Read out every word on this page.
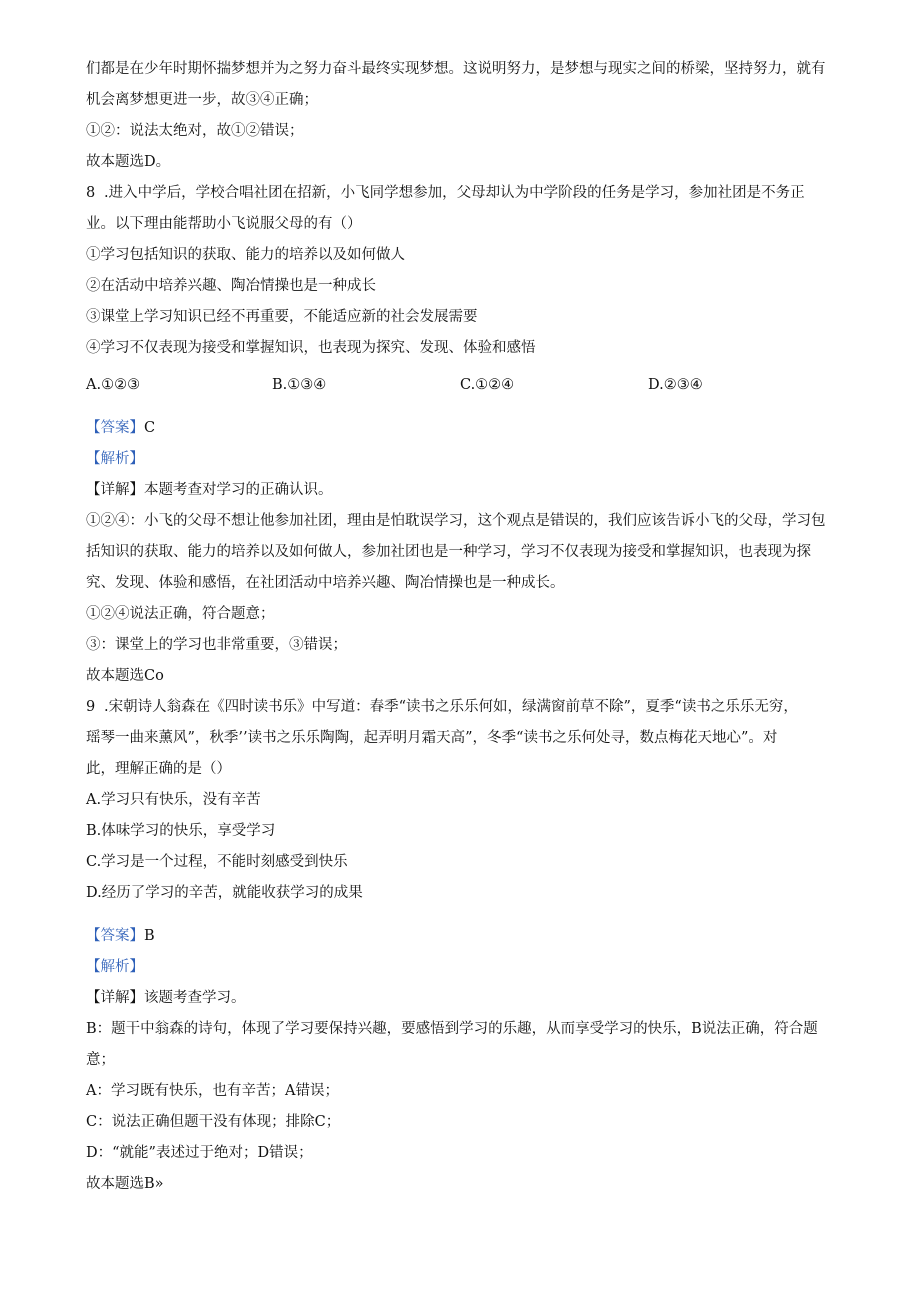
们都是在少年时期怀揣梦想并为之努力奋斗最终实现梦想。这说明努力，是梦想与现实之间的桥梁，坚持努力，就有

机会离梦想更进一步，故③④正确；

①②：说法太绝对，故①②错误；

故本题选D。

8 .进入中学后，学校合唱社团在招新，小飞同学想参加，父母却认为中学阶段的任务是学习，参加社团是不务正

业。以下理由能帮助小飞说服父母的有（）

①学习包括知识的获取、能力的培养以及如何做人

②在活动中培养兴趣、陶冶情操也是一种成长

③课堂上学习知识已经不再重要，不能适应新的社会发展需要

④学习不仅表现为接受和掌握知识，也表现为探究、发现、体验和感悟

A.①②③	B.①③④	C.①②④	D.②③④

【答案】C

【解析】

【详解】本题考查对学习的正确认识。

①②④：小飞的父母不想让他参加社团，理由是怕耽误学习，这个观点是错误的，我们应该告诉小飞的父母，学习包

括知识的获取、能力的培养以及如何做人，参加社团也是一种学习，学习不仅表现为接受和掌握知识，也表现为探

究、发现、体验和感悟，在社团活动中培养兴趣、陶冶情操也是一种成长。

①②④说法正确，符合题意；

③：课堂上的学习也非常重要，③错误；

故本题选Co

9 .宋朝诗人翁森在《四时读书乐》中写道：春季“读书之乐乐何如，绿满窗前草不除”，夏季“读书之乐乐无穷，

瑶琴一曲来薰风”，秋季’’读书之乐乐陶陶，起弄明月霜天高”，冬季“读书之乐何处寻，数点梅花天地心”。对

此，理解正确的是（）

A.学习只有快乐，没有辛苦

B.体味学习的快乐，享受学习

C.学习是一个过程，不能时刻感受到快乐

D.经历了学习的辛苦，就能收获学习的成果

【答案】B

【解析】

【详解】该题考查学习。

B：题干中翁森的诗句，体现了学习要保持兴趣，要感悟到学习的乐趣，从而享受学习的快乐，B说法正确，符合题

意；

A：学习既有快乐，也有辛苦；A错误；

C：说法正确但题干没有体现；排除C；

D：“就能”表述过于绝对；D错误；

故本题选B»
